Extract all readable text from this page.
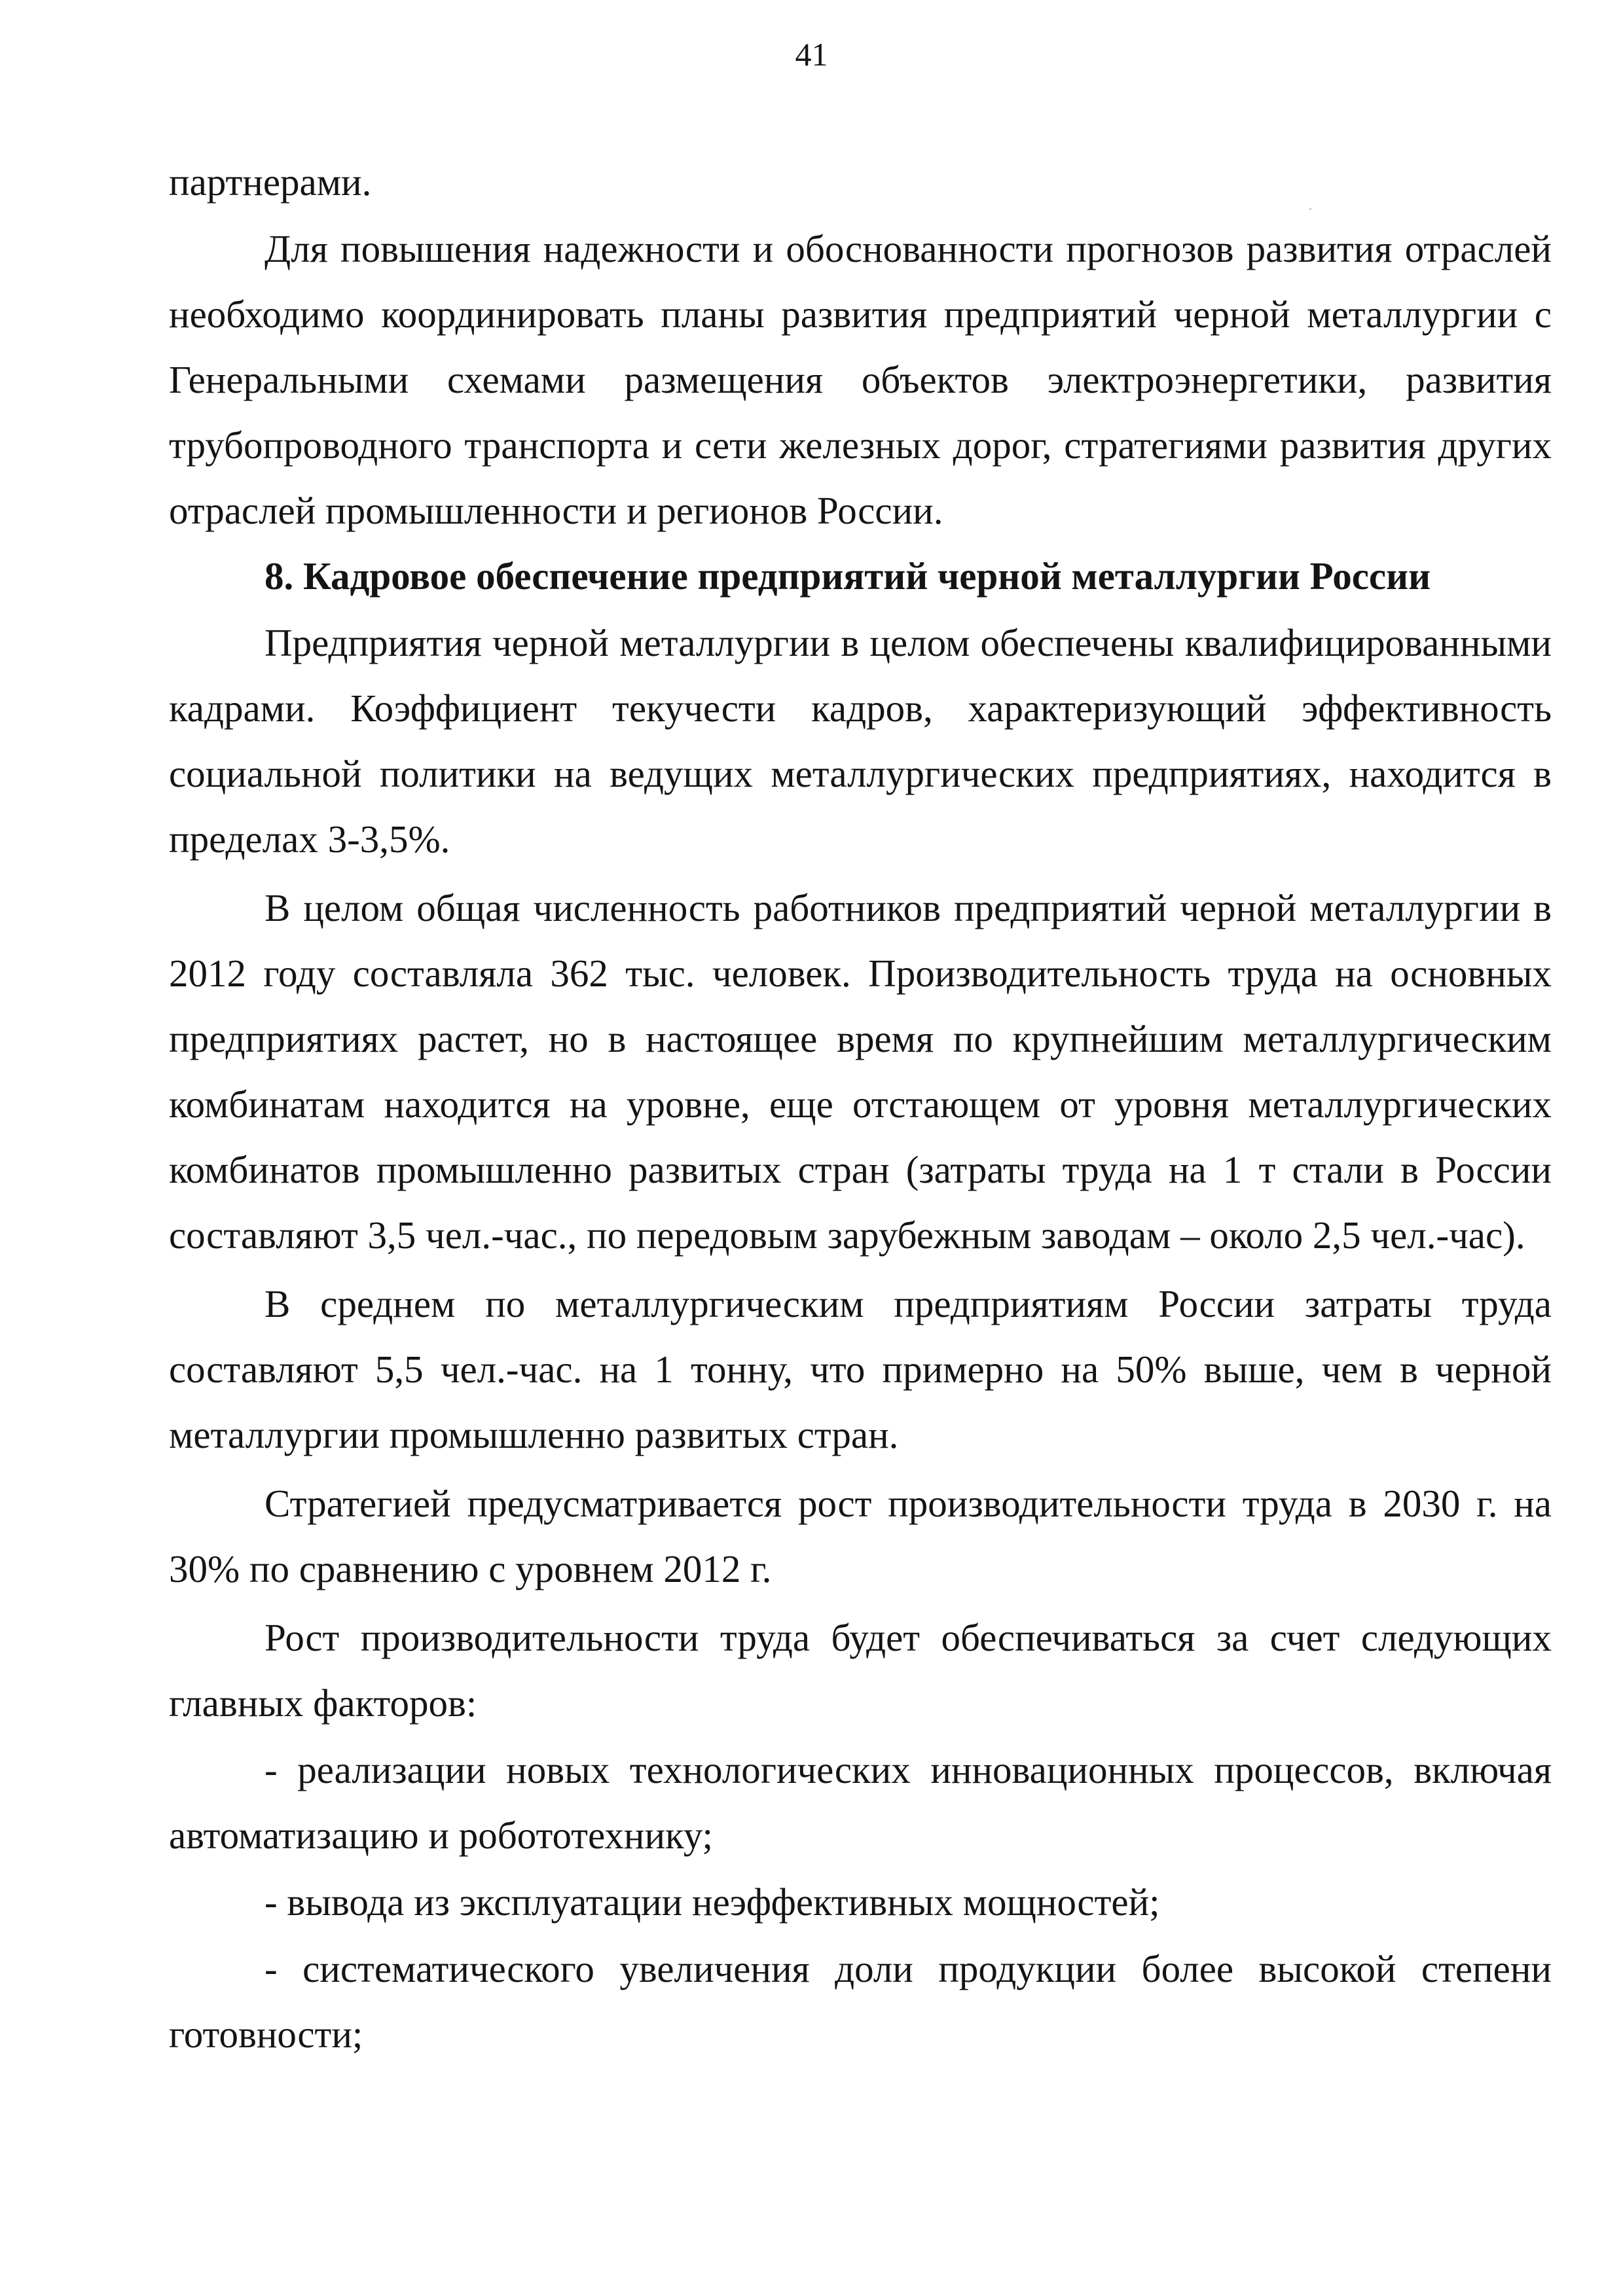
41

партнерами.

Для повышения надежности и обоснованности прогнозов развития отраслей необходимо координировать планы развития предприятий черной металлургии с Генеральными схемами размещения объектов электроэнергетики, развития трубопроводного транспорта и сети железных дорог, стратегиями развития других отраслей промышленности и регионов России.

8. Кадровое обеспечение предприятий черной металлургии России

Предприятия черной металлургии в целом обеспечены квалифицированными кадрами. Коэффициент текучести кадров, характеризующий эффективность социальной политики на ведущих металлургических предприятиях, находится в пределах 3-3,5%.

В целом общая численность работников предприятий черной металлургии в 2012 году составляла 362 тыс. человек. Производительность труда на основных предприятиях растет, но в настоящее время по крупнейшим металлургическим комбинатам находится на уровне, еще отстающем от уровня металлургических комбинатов промышленно развитых стран (затраты труда на 1 т стали в России составляют 3,5 чел.-час., по передовым зарубежным заводам – около 2,5 чел.-час).

В среднем по металлургическим предприятиям России затраты труда составляют 5,5 чел.-час. на 1 тонну, что примерно на 50% выше, чем в черной металлургии промышленно развитых стран.

Стратегией предусматривается рост производительности труда в 2030 г. на 30% по сравнению с уровнем 2012 г.

Рост производительности труда будет обеспечиваться за счет следующих главных факторов:

- реализации новых технологических инновационных процессов, включая автоматизацию и робототехнику;

- вывода из эксплуатации неэффективных мощностей;

- систематического увеличения доли продукции более высокой степени готовности;
